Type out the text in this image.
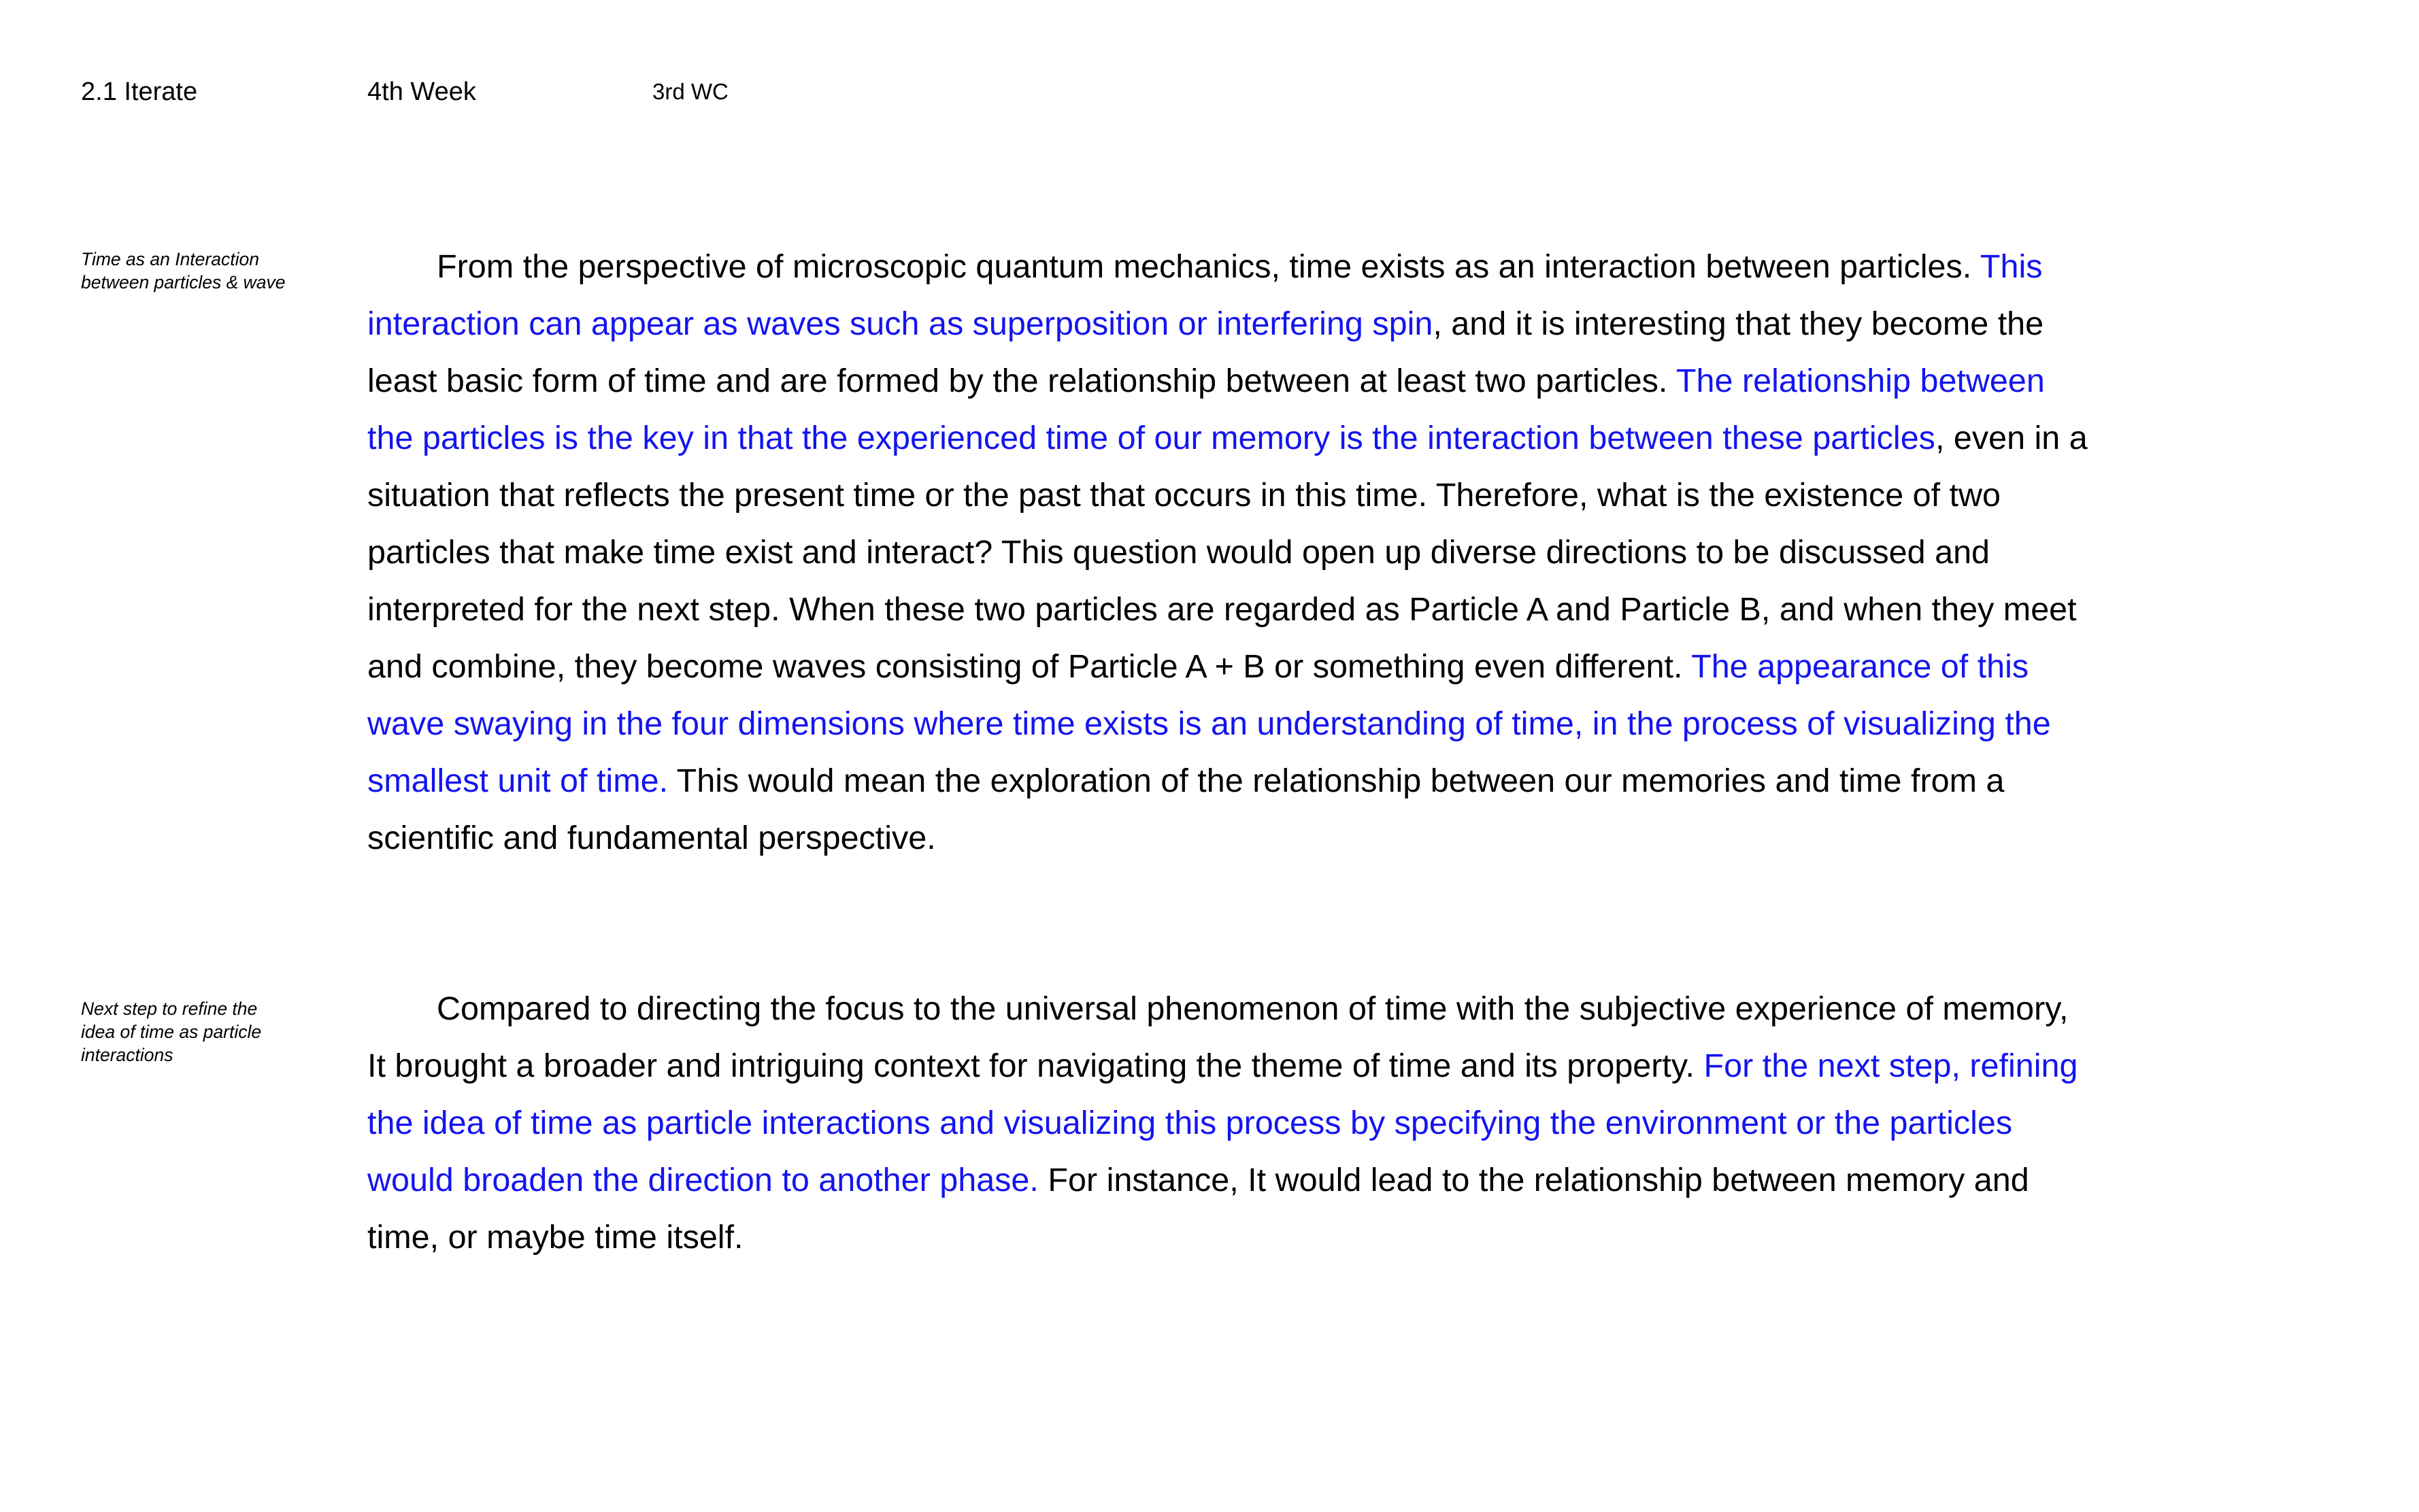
2.1 Iterate	4th Week	3rd WC
Time as an Interaction
between particles & wave	From the perspective of microscopic quantum mechanics, time exists as an interaction between particles. This interaction can appear as waves such as superposition or interfering spin, and it is interesting that they become the least basic form of time and are formed by the relationship between at least two particles. The relationship between the particles is the key in that the experienced time of our memory is the interaction between these particles, even in a situation that reflects the present time or the past that occurs in this time. Therefore, what is the existence of two particles that make time exist and interact? This question would open up diverse directions to be discussed and interpreted for the next step. When these two particles are regarded as Particle A and Particle B, and when they meet and combine, they become waves consisting of Particle A + B or something even different. The appearance of this wave swaying in the four dimensions where time exists is an understanding of time, in the process of visualizing the smallest unit of time. This would mean the exploration of the relationship between our memories and time from a scientific and fundamental perspective.

Next step to refine the
idea of time as particle
interactions

Compared to directing the focus to the universal phenomenon of time with the subjective experience of memory, It brought a broader and intriguing context for navigating the theme of time and its property. For the next step, refining the idea of time as particle interactions and visualizing this process by specifying the environment or the particles would broaden the direction to another phase. For instance, It would lead to the relationship between memory and time, or maybe time itself.
